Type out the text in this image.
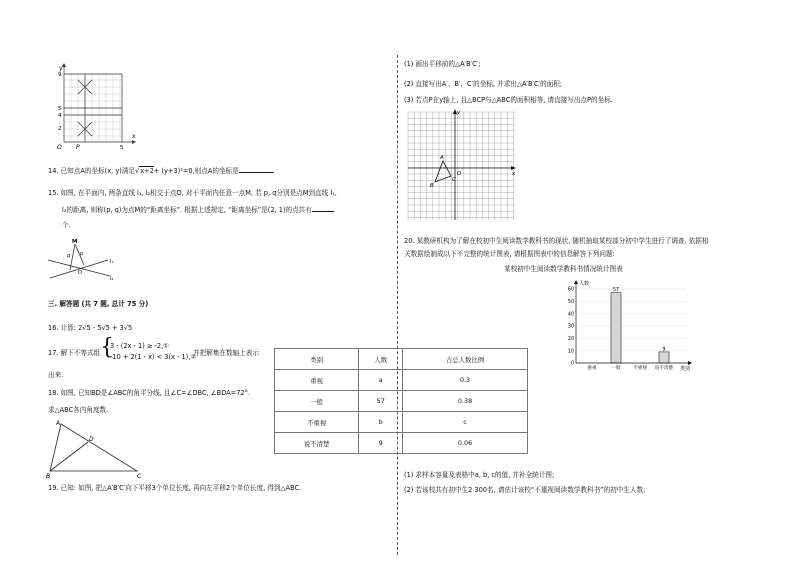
y
9
5
4
2
O P	5
x
14. 已知点A的坐标(x, y)满足√x+2+ (y+3)²=0,则点A的坐标是	.
15. 如图, 在平面内, 两条直线 l₁, l₂相交于点O, 对于平面内任意一点M, 若 p, q分别是点M到直线 l₁,
l₂的距离, 则称(p, q)为点M的“距离坐标”. 根据上述规定, “距离坐标”是(2, 1)的点共有
个.
M
q p
O
l₁
l₂
三. 解答题 (共 7 题, 总计 75 分)
16. 计算: 2√5 - 5√5 + 3√5
17. 解下不等式组 {
3 - (2x - 1) ≥ -2,①
-10 + 2(1 - x) < 3(x - 1),②
并把解集在数轴上表示
出来.
18. 如图, 已知BD是∠ABC的角平分线, 且∠C=∠DBC, ∠BDA=72°.
求△ABC各内角度数.
A
D
B	C
19. 已知: 如图, 把△A′B′C′向下平移3个单位长度, 再向左平移2个单位长度, 得到△ABC.
类别	人数	占总人数比例
重视	a	0.3
一般	57	0.38
不重视	b	c
说不清楚	9	0.06
(1) 画出平移前的△A′B′C′;
(2) 直接写出A′、B′、C′的坐标, 并求出△A′B′C′的面积;
(3) 若点P在y轴上, 且△BCP与△ABC的面积相等, 请直接写出点P的坐标.
y
x
A
B
C
O
20. 某教研机构为了解在校初中生阅读数学教科书的现状, 随机抽取某校部分初中学生进行了调查. 依据相
关数据绘制成以下不完整的统计图表, 请根据图表中的信息解答下列问题:
某校初中生阅读数学教科书情况统计图表
57
9
0
10
20
30
40
50
60
重视	一般	不重视 说不清楚
人数
类别
(1) 求样本容量及表格中a, b, c的值, 并补全统计图;
(2) 若该校共有初中生2 300名, 请估计该校“不重视阅读数学教科书”的初中生人数;
